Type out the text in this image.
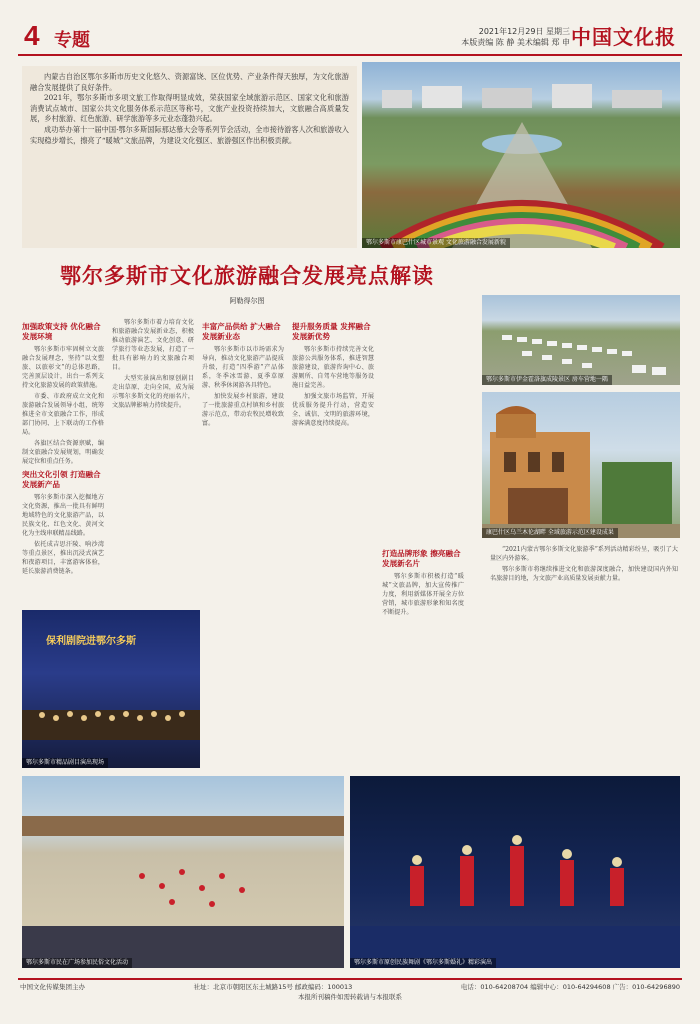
4 专题	2021年12月29日 星期三
本版责编 陈 静 美术编辑 郑 申 中国文化报

内蒙古自治区鄂尔多斯市历史文化悠久、资源富饶、区位优势、产业条件得天独厚，为文化旅游融合发展提供了良好条件。

2021年，鄂尔多斯市多项文旅工作取得明显成效，荣获国家全域旅游示范区、国家文化和旅游消费试点城市、国家公共文化服务体系示范区等称号，文旅产业投资持续加大，文旅融合高质量发展，乡村旅游、红色旅游、研学旅游等多元业态蓬勃兴起。

成功举办第十一届中国·鄂尔多斯国际那达慕大会等系列节会活动，全市接待游客人次和旅游收入实现稳步增长，擦亮了“暖城”文旅品牌，为建设文化强区、旅游强区作出积极贡献。

鄂尔多斯市康巴什区城市景观 文化旅游融合发展新貌
鄂尔多斯市文化旅游融合发展亮点解读
阿勒得尔图
鄂尔多斯市伊金霍洛旗成陵景区 房车营地一隅
康巴什区乌兰木伦湖畔 全域旅游示范区建设成果
加强政策支持 优化融合发展环境

鄂尔多斯市牢固树立文旅融合发展理念，坚持“以文塑旅、以旅彰文”的总体思路，完善顶层设计，出台一系列支持文化旅游发展的政策措施。

市委、市政府成立文化和旅游融合发展领导小组，统筹推进全市文旅融合工作，形成部门协同、上下联动的工作格局。

各旗区结合资源禀赋，编制文旅融合发展规划，明确发展定位和重点任务。

突出文化引领 打造融合发展新产品

鄂尔多斯市深入挖掘地方文化资源，推出一批具有鲜明地域特色的文化旅游产品，以民族文化、红色文化、黄河文化为主线串联精品线路。

依托成吉思汗陵、响沙湾等重点景区，推出沉浸式演艺和夜游项目，丰富游客体验，延长旅游消费链条。

鄂尔多斯市着力培育文化和旅游融合发展新业态，积极推动旅游演艺、文化创意、研学旅行等业态发展，打造了一批具有影响力的文旅融合项目。

大型实景演出和原创剧目走出草原、走向全国，成为展示鄂尔多斯文化的亮丽名片，文旅品牌影响力持续提升。

丰富产品供给 扩大融合发展新业态

鄂尔多斯市以市场需求为导向，推动文化旅游产品提质升级，打造“四季游”产品体系，冬季冰雪游、夏季草原游、秋季休闲游各具特色。

加快发展乡村旅游，建设了一批旅游重点村镇和乡村旅游示范点，带动农牧民增收致富。

提升服务质量 发挥融合发展新优势

鄂尔多斯市持续完善文化旅游公共服务体系，推进智慧旅游建设，旅游咨询中心、旅游厕所、自驾车营地等服务设施日益完善。

加强文旅市场监管，开展优质服务提升行动，营造安全、诚信、文明的旅游环境，游客满意度持续提高。

打造品牌形象 擦亮融合发展新名片

鄂尔多斯市积极打造“暖城”文旅品牌，加大宣传推广力度，利用新媒体开展全方位营销，城市旅游形象和知名度不断提升。

“2021内蒙古鄂尔多斯文化旅游季”系列活动精彩纷呈，吸引了大量区内外游客。

鄂尔多斯市将继续推进文化和旅游深度融合，加快建设国内外知名旅游目的地，为文旅产业高质量发展贡献力量。

保利剧院进鄂尔多斯
鄂尔多斯市精品剧目演出现场
鄂尔多斯市民在广场参加民俗文化活动	鄂尔多斯市原创民族舞剧《鄂尔多斯婚礼》精彩演出
中国文化传媒集团主办	社址：北京市朝阳区东土城路15号 邮政编码：100013	电话：010-64208704 编辑中心：010-64294608 广告：010-64296890
本报所刊稿件如需转载请与本报联系
